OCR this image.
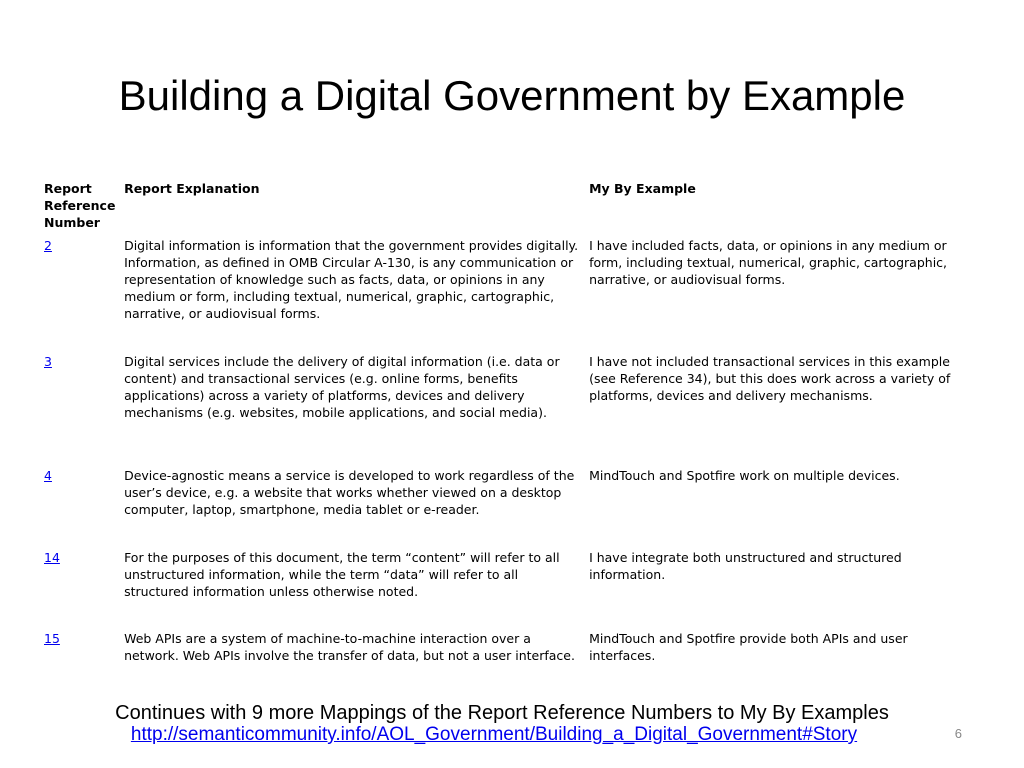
Building a Digital Government by Example
Report Reference Number	Report Explanation	My By Example
2	Digital information is information that the government provides digitally. Information, as defined in OMB Circular A-130, is any communication or representation of knowledge such as facts, data, or opinions in any medium or form, including textual, numerical, graphic, cartographic, narrative, or audiovisual forms.	I have included facts, data, or opinions in any medium or form, including textual, numerical, graphic, cartographic, narrative, or audiovisual forms.
3	Digital services include the delivery of digital information (i.e. data or content) and transactional services (e.g. online forms, benefits applications) across a variety of platforms, devices and delivery mechanisms (e.g. websites, mobile applications, and social media).	I have not included transactional services in this example (see Reference 34), but this does work across a variety of platforms, devices and delivery mechanisms.
4	Device-agnostic means a service is developed to work regardless of the user’s device, e.g. a website that works whether viewed on a desktop computer, laptop, smartphone, media tablet or e-reader.	MindTouch and Spotfire work on multiple devices.
14	For the purposes of this document, the term “content” will refer to all unstructured information, while the term “data” will refer to all structured information unless otherwise noted.	I have integrate both unstructured and structured information.
15	Web APIs are a system of machine-to-machine interaction over a network. Web APIs involve the transfer of data, but not a user interface.	MindTouch and Spotfire provide both APIs and user interfaces.
Continues with 9 more Mappings of the Report Reference Numbers to My By Examples
http://semanticommunity.info/AOL_Government/Building_a_Digital_Government#Story	6
